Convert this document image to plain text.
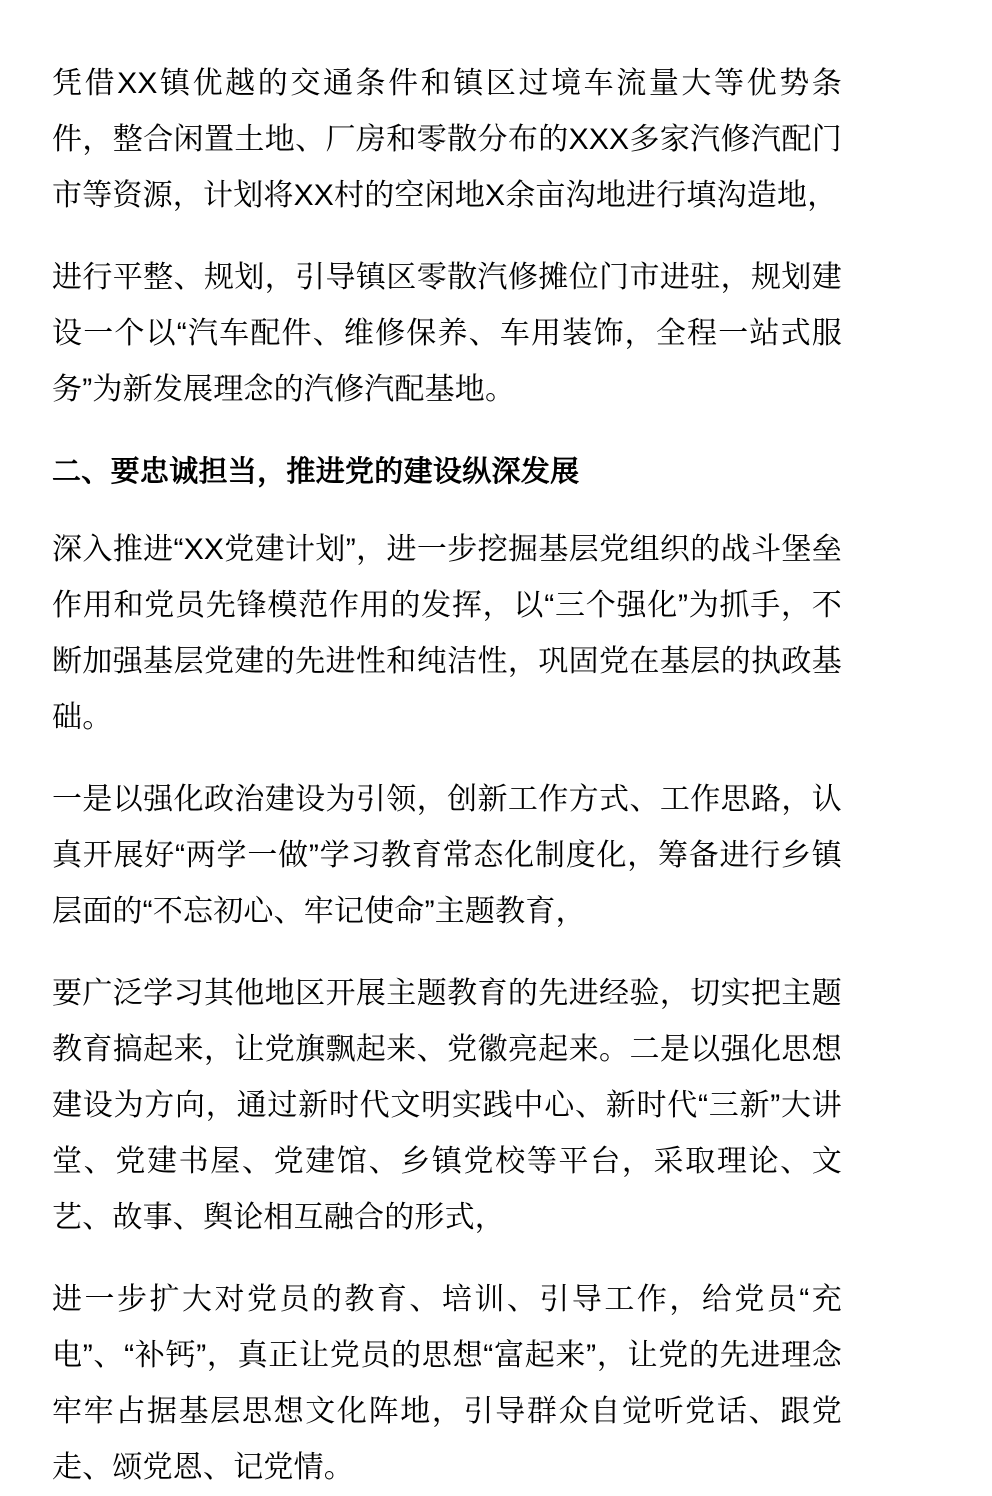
凭借XX镇优越的交通条件和镇区过境车流量大等优势条件，整合闲置土地、厂房和零散分布的XXX多家汽修汽配门市等资源，计划将XX村的空闲地X余亩沟地进行填沟造地，

进行平整、规划，引导镇区零散汽修摊位门市进驻，规划建设一个以“汽车配件、维修保养、车用装饰，全程一站式服务”为新发展理念的汽修汽配基地。

二、要忠诚担当，推进党的建设纵深发展

深入推进“XX党建计划”，进一步挖掘基层党组织的战斗堡垒作用和党员先锋模范作用的发挥，以“三个强化”为抓手，不断加强基层党建的先进性和纯洁性，巩固党在基层的执政基础。

一是以强化政治建设为引领，创新工作方式、工作思路，认真开展好“两学一做”学习教育常态化制度化，筹备进行乡镇层面的“不忘初心、牢记使命”主题教育，

要广泛学习其他地区开展主题教育的先进经验，切实把主题教育搞起来，让党旗飘起来、党徽亮起来。二是以强化思想建设为方向，通过新时代文明实践中心、新时代“三新”大讲堂、党建书屋、党建馆、乡镇党校等平台，采取理论、文艺、故事、舆论相互融合的形式，

进一步扩大对党员的教育、培训、引导工作，给党员“充电”、“补钙”，真正让党员的思想“富起来”，让党的先进理念牢牢占据基层思想文化阵地，引导群众自觉听党话、跟党走、颂党恩、记党情。
